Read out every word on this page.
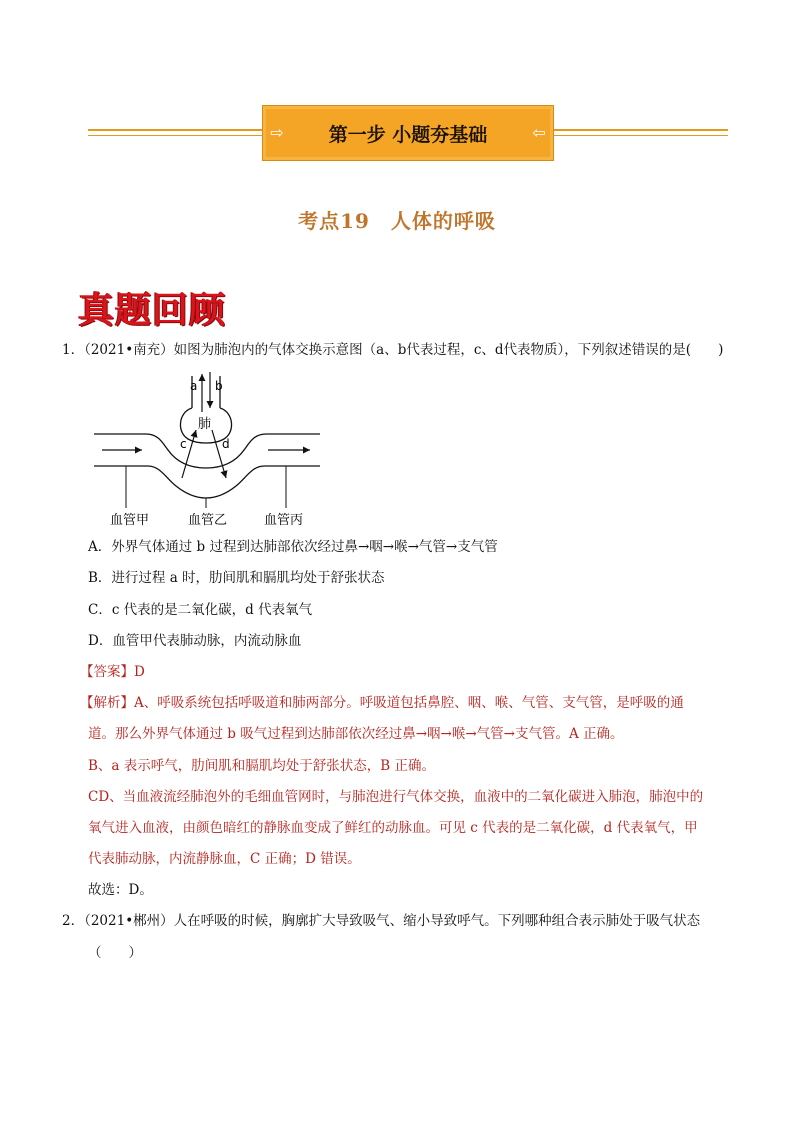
⇨	第一步 小题夯基础	⇦
考点19　人体的呼吸
真题回顾
1．（2021•南充）如图为肺泡内的气体交换示意图（a、b代表过程，c、d代表物质），下列叙述错误的是(　　)
a b
肺
c	d
血管甲	血管乙	血管丙
A．外界气体通过 b 过程到达肺部依次经过鼻→咽→喉→气管→支气管
B．进行过程 a 时，肋间肌和膈肌均处于舒张状态
C．c 代表的是二氧化碳，d 代表氧气
D．血管甲代表肺动脉，内流动脉血
【答案】D
【解析】A、呼吸系统包括呼吸道和肺两部分。呼吸道包括鼻腔、咽、喉、气管、支气管，是呼吸的通
道。那么外界气体通过 b 吸气过程到达肺部依次经过鼻→咽→喉→气管→支气管。A 正确。
B、a 表示呼气，肋间肌和膈肌均处于舒张状态，B 正确。
CD、当血液流经肺泡外的毛细血管网时，与肺泡进行气体交换，血液中的二氧化碳进入肺泡，肺泡中的
氧气进入血液，由颜色暗红的静脉血变成了鲜红的动脉血。可见 c 代表的是二氧化碳，d 代表氧气，甲
代表肺动脉，内流静脉血，C 正确；D 错误。
故选：D。
2．（2021•郴州）人在呼吸的时候，胸廓扩大导致吸气、缩小导致呼气。下列哪种组合表示肺处于吸气状态
（　　）
